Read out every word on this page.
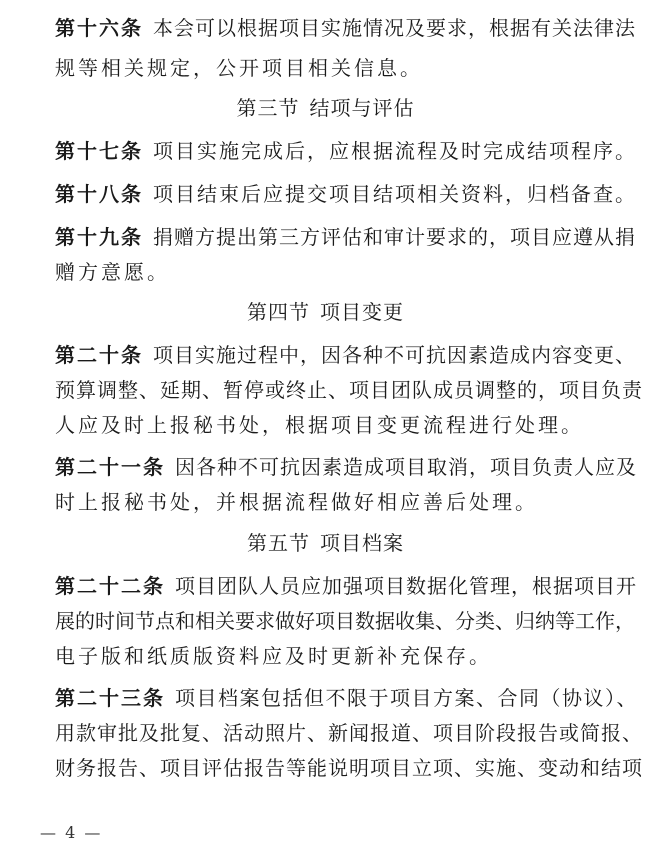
第十六条 本会可以根据项目实施情况及要求，根据有关法律法
规等相关规定，公开项目相关信息。
第三节 结项与评估
第十七条 项目实施完成后，应根据流程及时完成结项程序。
第十八条 项目结束后应提交项目结项相关资料，归档备查。
第十九条 捐赠方提出第三方评估和审计要求的，项目应遵从捐
赠方意愿。
第四节 项目变更
第二十条 项目实施过程中，因各种不可抗因素造成内容变更、
预算调整、延期、暂停或终止、项目团队成员调整的，项目负责
人应及时上报秘书处，根据项目变更流程进行处理。
第二十一条 因各种不可抗因素造成项目取消，项目负责人应及
时上报秘书处，并根据流程做好相应善后处理。
第五节 项目档案
第二十二条 项目团队人员应加强项目数据化管理，根据项目开
展的时间节点和相关要求做好项目数据收集、分类、归纳等工作，
电子版和纸质版资料应及时更新补充保存。
第二十三条 项目档案包括但不限于项目方案、合同（协议）、
用款审批及批复、活动照片、新闻报道、项目阶段报告或简报、
财务报告、项目评估报告等能说明项目立项、实施、变动和结项
— 4 —
